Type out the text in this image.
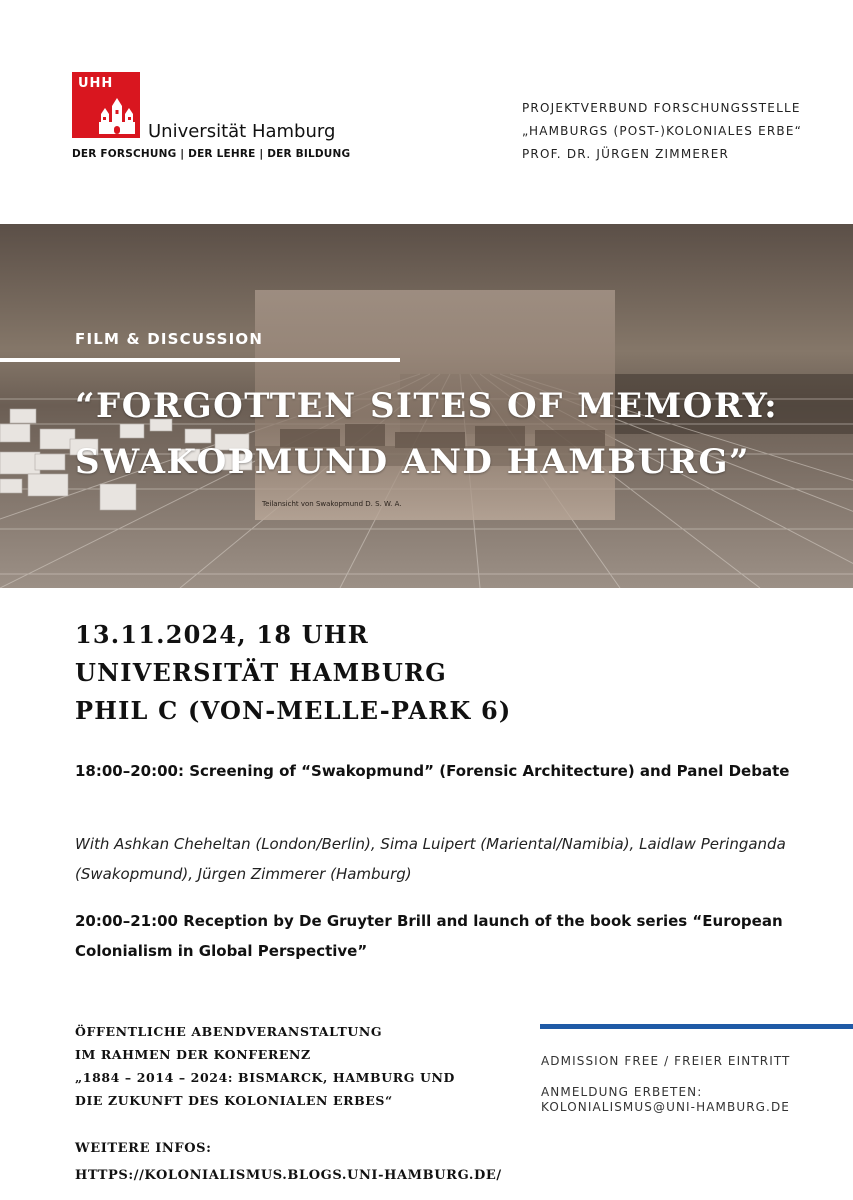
UHH
Universität Hamburg
DER FORSCHUNG | DER LEHRE | DER BILDUNG
PROJEKTVERBUND FORSCHUNGSSTELLE
„HAMBURGS (POST-)KOLONIALES ERBE“
PROF. DR. JÜRGEN ZIMMERER
FILM & DISCUSSION
“FORGOTTEN SITES OF MEMORY:
SWAKOPMUND AND HAMBURG”
Teilansicht von Swakopmund D. S. W. A.
13.11.2024, 18 UHR
UNIVERSITÄT HAMBURG
PHIL C (VON-MELLE-PARK 6)
18:00–20:00: Screening of “Swakopmund” (Forensic Architecture) and Panel Debate
With Ashkan Cheheltan (London/Berlin), Sima Luipert (Mariental/Namibia), Laidlaw Peringanda (Swakopmund), Jürgen Zimmerer (Hamburg)
20:00–21:00 Reception by De Gruyter Brill and launch of the book series “European Colonialism in Global Perspective”
ÖFFENTLICHE ABENDVERANSTALTUNG
IM RAHMEN DER KONFERENZ
„1884 – 2014 – 2024: BISMARCK, HAMBURG UND
DIE ZUKUNFT DES KOLONIALEN ERBES“
WEITERE INFOS:
HTTPS://KOLONIALISMUS.BLOGS.UNI-HAMBURG.DE/
ADMISSION FREE / FREIER EINTRITT
ANMELDUNG ERBETEN:
KOLONIALISMUS@UNI-HAMBURG.DE
